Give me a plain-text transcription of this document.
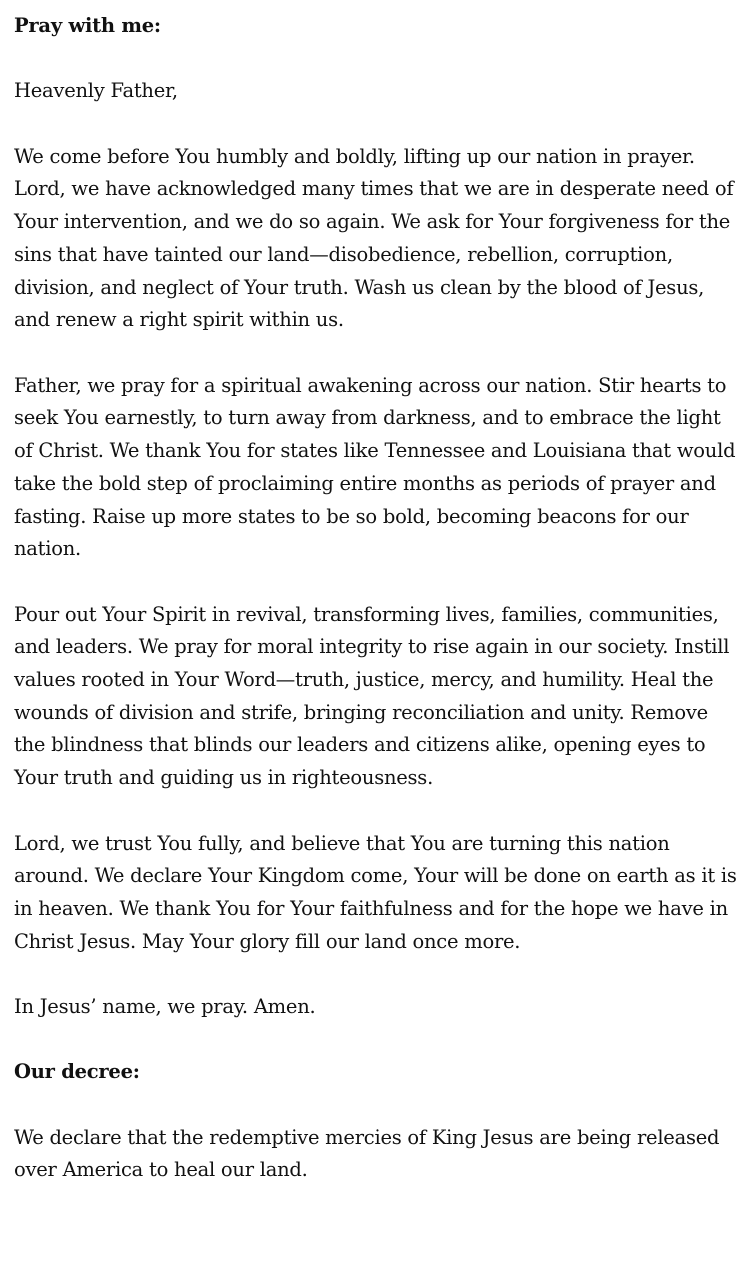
Pray with me:

Heavenly Father,

We come before You humbly and boldly, lifting up our nation in prayer. Lord, we have acknowledged many times that we are in desperate need of Your intervention, and we do so again. We ask for Your forgiveness for the sins that have tainted our land—disobedience, rebellion, corruption, division, and neglect of Your truth. Wash us clean by the blood of Jesus, and renew a right spirit within us.

Father, we pray for a spiritual awakening across our nation. Stir hearts to seek You earnestly, to turn away from darkness, and to embrace the light of Christ. We thank You for states like Tennessee and Louisiana that would take the bold step of proclaiming entire months as periods of prayer and fasting. Raise up more states to be so bold, becoming beacons for our nation.

Pour out Your Spirit in revival, transforming lives, families, communities, and leaders. We pray for moral integrity to rise again in our society. Instill values rooted in Your Word—truth, justice, mercy, and humility. Heal the wounds of division and strife, bringing reconciliation and unity. Remove the blindness that blinds our leaders and citizens alike, opening eyes to Your truth and guiding us in righteousness.

Lord, we trust You fully, and believe that You are turning this nation around. We declare Your Kingdom come, Your will be done on earth as it is in heaven. We thank You for Your faithfulness and for the hope we have in Christ Jesus. May Your glory fill our land once more.

In Jesus’ name, we pray. Amen.

Our decree:

We declare that the redemptive mercies of King Jesus are being released over America to heal our land.
